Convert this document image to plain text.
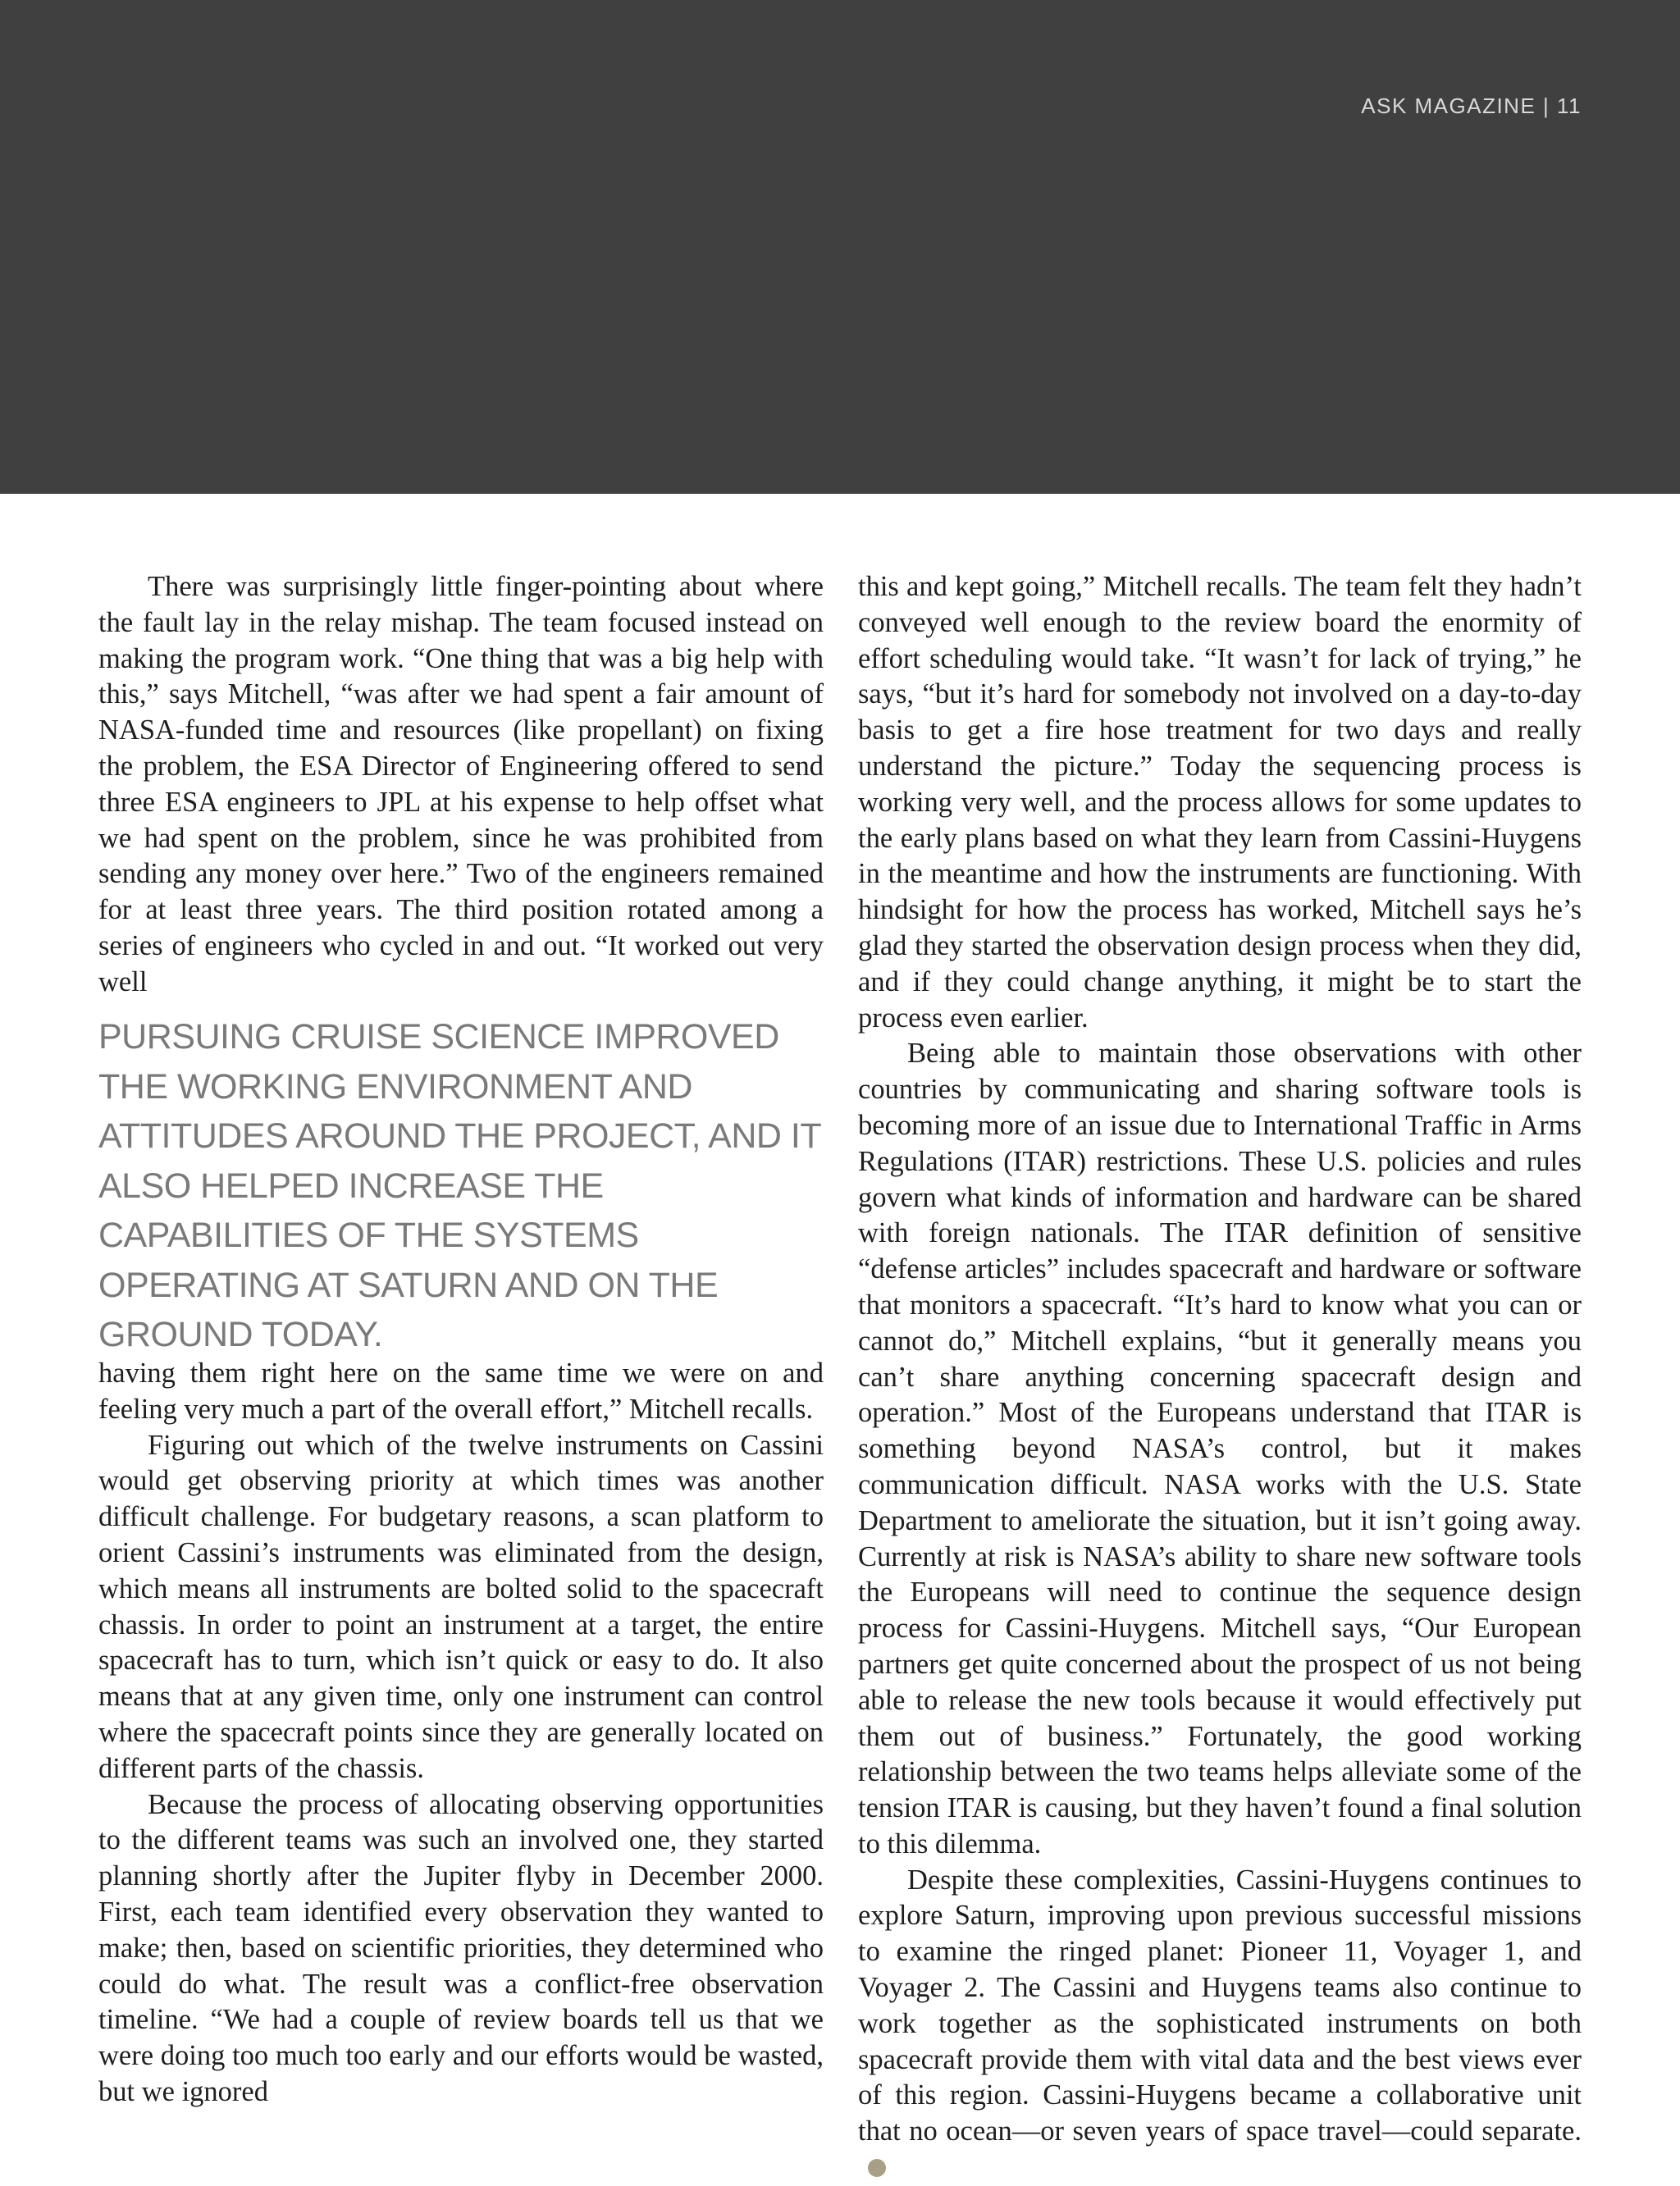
ASK MAGAZINE | 11

There was surprisingly little finger-pointing about where the fault lay in the relay mishap. The team focused instead on making the program work. “One thing that was a big help with this,” says Mitchell, “was after we had spent a fair amount of NASA-funded time and resources (like propellant) on fixing the problem, the ESA Director of Engineering offered to send three ESA engineers to JPL at his expense to help offset what we had spent on the problem, since he was prohibited from sending any money over here.” Two of the engineers remained for at least three years. The third position rotated among a series of engineers who cycled in and out. “It worked out very well

PURSUING CRUISE SCIENCE IMPROVED THE WORKING ENVIRONMENT AND ATTITUDES AROUND THE PROJECT, AND IT ALSO HELPED INCREASE THE CAPABILITIES OF THE SYSTEMS OPERATING AT SATURN AND ON THE GROUND TODAY.

having them right here on the same time we were on and feeling very much a part of the overall effort,” Mitchell recalls.

Figuring out which of the twelve instruments on Cassini would get observing priority at which times was another difficult challenge. For budgetary reasons, a scan platform to orient Cassini’s instruments was eliminated from the design, which means all instruments are bolted solid to the spacecraft chassis. In order to point an instrument at a target, the entire spacecraft has to turn, which isn’t quick or easy to do. It also means that at any given time, only one instrument can control where the spacecraft points since they are generally located on different parts of the chassis.

Because the process of allocating observing opportunities to the different teams was such an involved one, they started planning shortly after the Jupiter flyby in December 2000. First, each team identified every observation they wanted to make; then, based on scientific priorities, they determined who could do what. The result was a conflict-free observation timeline. “We had a couple of review boards tell us that we were doing too much too early and our efforts would be wasted, but we ignored

this and kept going,” Mitchell recalls. The team felt they hadn’t conveyed well enough to the review board the enormity of effort scheduling would take. “It wasn’t for lack of trying,” he says, “but it’s hard for somebody not involved on a day-to-day basis to get a fire hose treatment for two days and really understand the picture.” Today the sequencing process is working very well, and the process allows for some updates to the early plans based on what they learn from Cassini-Huygens in the meantime and how the instruments are functioning. With hindsight for how the process has worked, Mitchell says he’s glad they started the observation design process when they did, and if they could change anything, it might be to start the process even earlier.

Being able to maintain those observations with other countries by communicating and sharing software tools is becoming more of an issue due to International Traffic in Arms Regulations (ITAR) restrictions. These U.S. policies and rules govern what kinds of information and hardware can be shared with foreign nationals. The ITAR definition of sensitive “defense articles” includes spacecraft and hardware or software that monitors a spacecraft. “It’s hard to know what you can or cannot do,” Mitchell explains, “but it generally means you can’t share anything concerning spacecraft design and operation.” Most of the Europeans understand that ITAR is something beyond NASA’s control, but it makes communication difficult. NASA works with the U.S. State Department to ameliorate the situation, but it isn’t going away. Currently at risk is NASA’s ability to share new software tools the Europeans will need to continue the sequence design process for Cassini-Huygens. Mitchell says, “Our European partners get quite concerned about the prospect of us not being able to release the new tools because it would effectively put them out of business.” Fortunately, the good working relationship between the two teams helps alleviate some of the tension ITAR is causing, but they haven’t found a final solution to this dilemma.

Despite these complexities, Cassini-Huygens continues to explore Saturn, improving upon previous successful missions to examine the ringed planet: Pioneer 11, Voyager 1, and Voyager 2. The Cassini and Huygens teams also continue to work together as the sophisticated instruments on both spacecraft provide them with vital data and the best views ever of this region. Cassini-Huygens became a collaborative unit that no ocean—or seven years of space travel—could separate.
